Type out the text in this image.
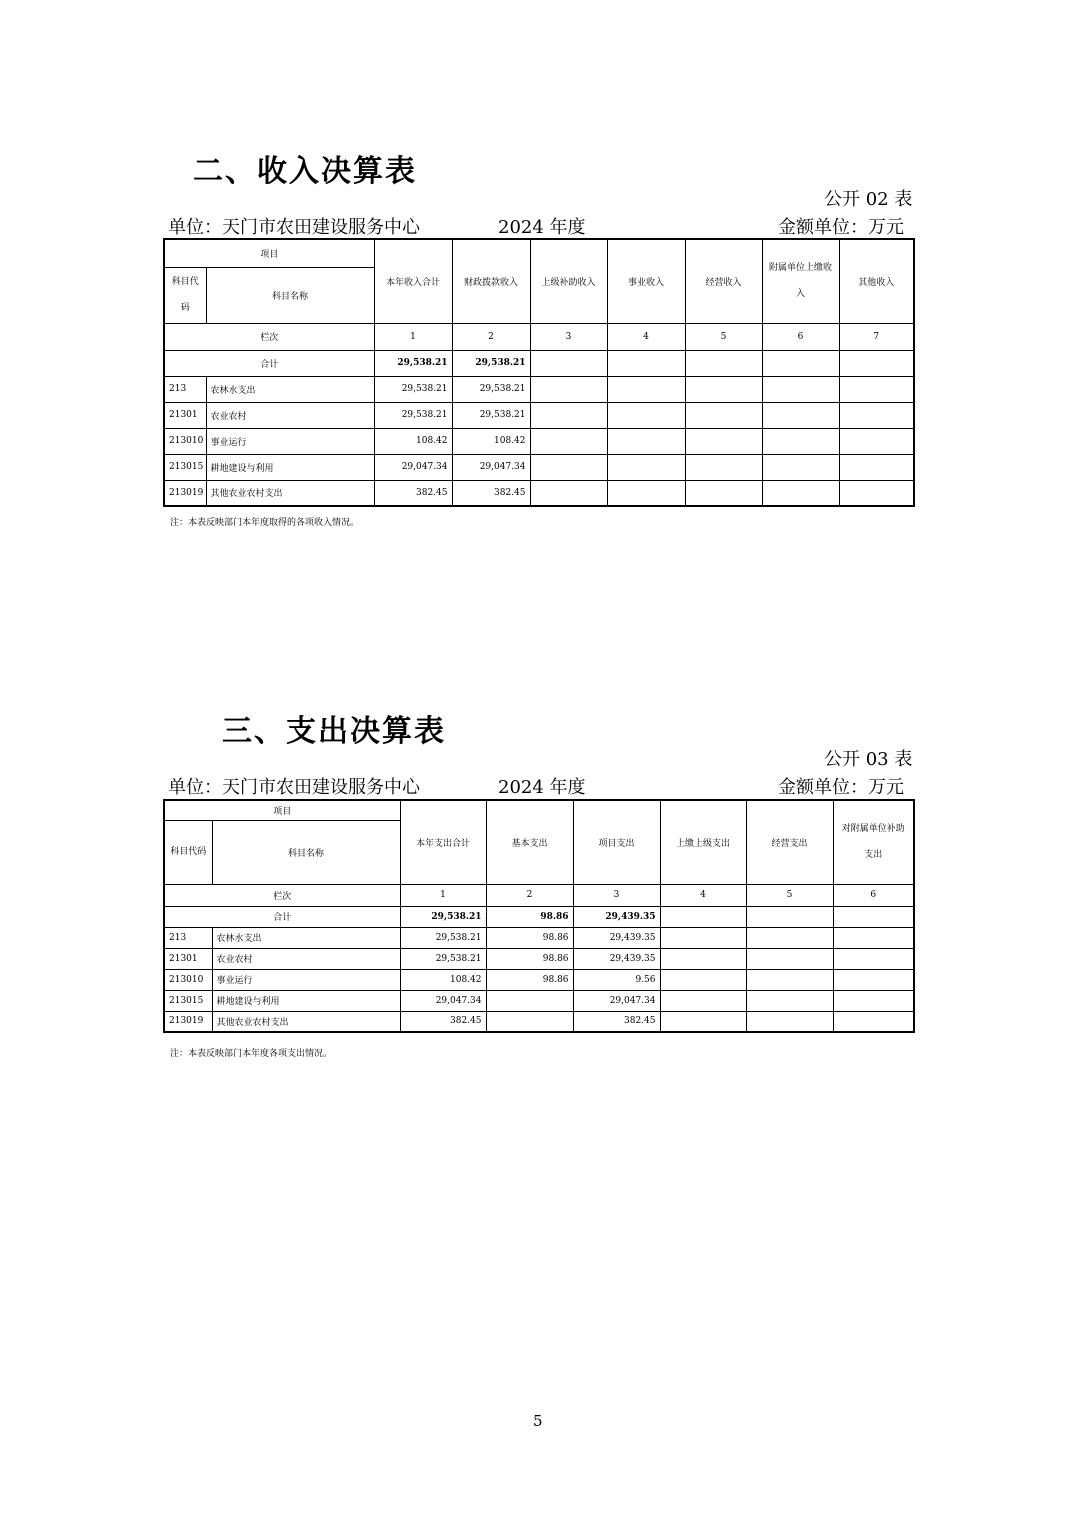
二、收入决算表
公开 02 表
单位：天门市农田建设服务中心	2024 年度	金额单位：万元
项目		本年收入合计	财政拨款收入	上级补助收入	事业收入	经营收入	附属单位上缴收入	其他收入
科目代码	科目名称							
栏次		1	2	3	4	5	6	7
合计		29,538.21	29,538.21					
213	农林水支出	29,538.21	29,538.21					
21301	农业农村	29,538.21	29,538.21					
213010	事业运行	108.42	108.42					
213015	耕地建设与利用	29,047.34	29,047.34					
213019	其他农业农村支出	382.45	382.45					
注：本表反映部门本年度取得的各项收入情况。
三、支出决算表
公开 03 表
单位：天门市农田建设服务中心	2024 年度	金额单位：万元
项目		本年支出合计	基本支出	项目支出	上缴上级支出	经营支出	对附属单位补助支出
科目代码	科目名称						
栏次		1	2	3	4	5	6
合计		29,538.21	98.86	29,439.35			
213	农林水支出	29,538.21	98.86	29,439.35			
21301	农业农村	29,538.21	98.86	29,439.35			
213010	事业运行	108.42	98.86	9.56			
213015	耕地建设与利用	29,047.34		29,047.34			
213019	其他农业农村支出	382.45		382.45			
注：本表反映部门本年度各项支出情况。
5
